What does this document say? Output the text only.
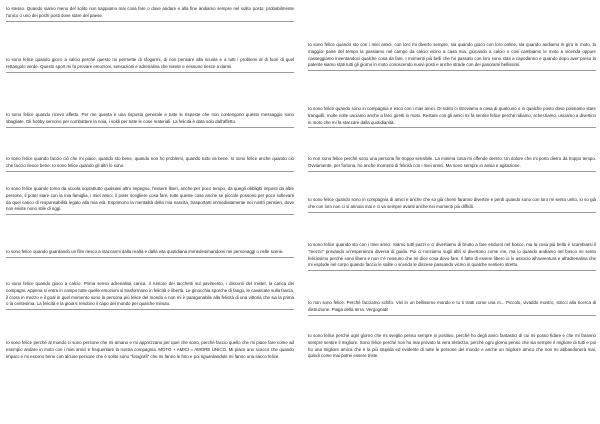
Io stesso. Quando siamo meno del solito non sappiamo mai cosa fare o dove andare e alla fine andiamo sempre nel solito posto; probabilmente l'unico o uno dei pochi posti dove stare del paese.

Io sono felice quando gioco a calcio perché questo mi permette di sfogarmi, di non pensare alla scuola e a tutti i problemi al di fuori di quel rettangolo verde. Questo sport mi fa provare emozioni, sensazioni e adrenalina che niente e nessuno riesce a darmi.

Io sono felice quando ricevo affetto. Per me questa è una risposta generale e tutte le risposte che non contengono questo messaggio sono sbagliate. Gli hobby servono per combattere la noia, i soldi per tutte le cose materiali. La felicità è data solo dall'affetto.

Io sono felice quando faccio ciò che mi piace, quando sto bene, quando non ho problemi, quando tutto va bene. Io sono felice anche quando ciò che faccio riesce bene. Io sono felice quando gli altri lo sono.

Io sono felice quando torno da scuola soprattutto qualsiasi altro impegno, l'essere liberi, anche per poco tempo, da quegli obblighi imposti da altre persone, il poter stare con la mia famiglia, i miei amici, il poter scegliere cosa fare, tutte queste cose anche se piccole possono per poco sollevarti da quel carico di responsabilità legato alla mia età. Esprimono la mentalità della mia nascita, trasportarti immediatamente nei nostri pensieri, dove non esiste nono stile di oggi.

Io sono felice quando guardando un film riesco a staccarmi dalla realtà e dalla vita quotidiana immedesimandomi nei personaggi o nelle scene.

Io sono felice quando gioco a calcio. Prima senso adrenalina carica. Il rumore dei tacchetti sul pavimento, i discorsi del mister, la carica dei compagni. Appena si entra in campo tutte quelle emozioni si trasformano in felicità e libertà. Le ginocchia sporche di fango, le cavalcate sulla fascia, il cross in mezzo e il goal in quel momento sono la persona più felice del mondo e non mi è paragonabile alla felicità di una vittoria che sia la prima o la centesima. La felicità e la gioia ti rendono il capo del mondo per qualche minuto.

Io sono felice perché al mondo ci sono persone che mi amano e mi apprezzano per quel che sono, perché faccio quello che mi piace fare come ad esempio andare in moto con i miei amici e frequentare la nostra compagnia. MOTO + AMICI = AMORE UNICO. Mi piace uno scacco che quando imparo e mi escono bene con alcune persone che è solito sono "fotografi" che mi fanno le foto e poi riguardandole mi fanno una sacco felice.

Io sono felice quando sto con i miei amici, con loro mi diverto sempre, sia quando gioco con loro online, sia quando andiamo in giro in moto, la maggior parte del tempo la passiamo nel campo da calcio vicino a casa mia, giocando a calcio o cosi cambiamo le moto a vicenda oppure casseggiamo inventandoci qualche cosa da fare. I momenti più belli che ho passato con loro sono stati a capodanno e quando dopo aver preso la patente siamo stati tutti gli giorno in moto conoscendo nuovi posti e anche strade con dei panorami bellissimi.

Io sono felice quando sono in compagnia e esco con i miei amici. Di solito ci ritroviamo a casa di qualcuno o in qualche posto dove possiamo stare tranquilli, molte volte usciamo anche a farci giretti in moto. Restare con gli amici mi fa sentire felice perché ridiamo, scherziamo, usciamo a divertirci in moto che mi fa staccare dalla quotidianità.

Io non sono felice perché sono una persona fin troppo sensibile. La minima cosa mi offende dentro. Un dolore che mi porto dietro da troppo tempo. Ovviamente, per fortuna, ho anche momenti di felicità con i miei amici. Ma sono sempre in ansia e agitazione.

Io sono felice quando sono in compagnia di amici e anche che so già chemi faranno divertire e perdi quando sono con loro mi sento unito, io so già che con loro non ci si annoia mai e ci va sempre avanti anche nei momenti più difficili.

Io sono felice quando sto con i miei amici. Siamo tutti pazzi e ci divertiamo di brutto a fare endurol nel bosco, ma la cosa più bella è scambiarsi il "mezzo" provando un'esperienza diversa di guida. Poi ci ronziamo sugli altri si divertono come me, ma io quando andiamo nel bosco mi sento felicissimo perché sono libero e non c'è nessuno che mi dice cosa devo fare. Il fatto di essere libero io lo associo all'avventura e all'adrenalina che mi esplode nel corpo quando faccio le salite o scendo le discese passando vicino in qualche sentiero stretto.

Io non sono felice. Perché facciamo schifo. Vivi in un bellissimo mondo e tu ti tratti come una m... Piccolo, vivaddo mostro, stricci alla ricerca di distruzione. Piaga della terra. Vergognati!

Io sono felice perché ogni giorno che mi sveglio penso sempre in positivo, perché ho degli amici fantastici di cui mi posso fidare e che mi faranno sempre sentire il migliore. Sono felice perché non ho mai provato la vera tristezza, perché ogni giorno penso che sia sempre il migliore di tutti e poi ho una migliore amica che è la più stupida ed evidente di tutte le persone del mondo e anche un migliore amico che non mi abbandonerà mai, quindi come mai potrei essere triste.
